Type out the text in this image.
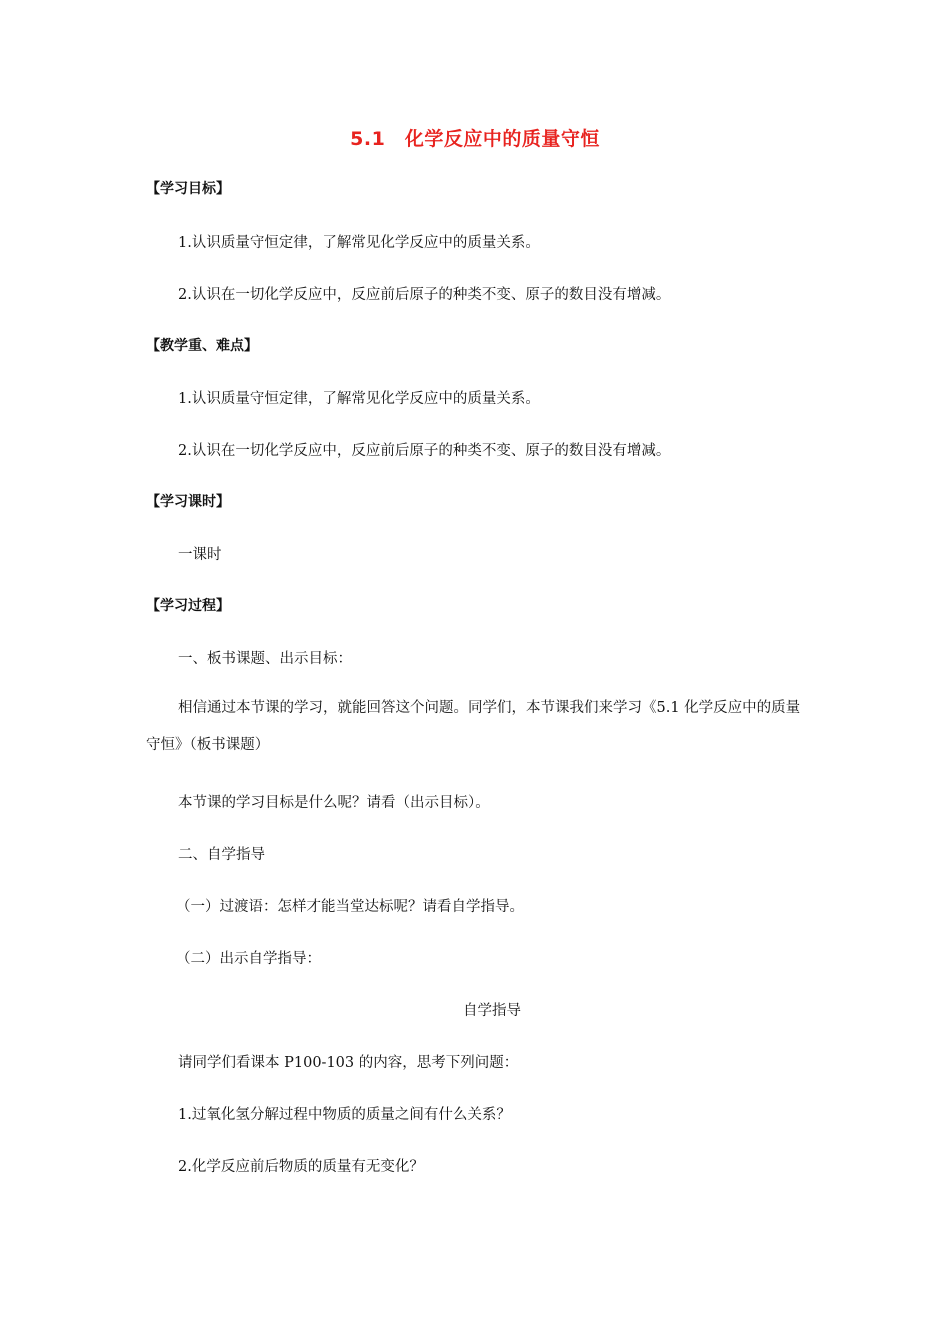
5.1　化学反应中的质量守恒
【学习目标】
1.认识质量守恒定律，了解常见化学反应中的质量关系。
2.认识在一切化学反应中，反应前后原子的种类不变、原子的数目没有增减。
【教学重、难点】
1.认识质量守恒定律，了解常见化学反应中的质量关系。
2.认识在一切化学反应中，反应前后原子的种类不变、原子的数目没有增减。
【学习课时】
一课时
【学习过程】
一、板书课题、出示目标：
相信通过本节课的学习，就能回答这个问题。同学们，本节课我们来学习《5.1 化学反应中的质量守恒》（板书课题）
本节课的学习目标是什么呢？请看（出示目标）。
二、自学指导
（一）过渡语：怎样才能当堂达标呢？请看自学指导。
（二）出示自学指导：
自学指导
请同学们看课本 P100-103 的内容，思考下列问题：
1.过氧化氢分解过程中物质的质量之间有什么关系？
2.化学反应前后物质的质量有无变化？
